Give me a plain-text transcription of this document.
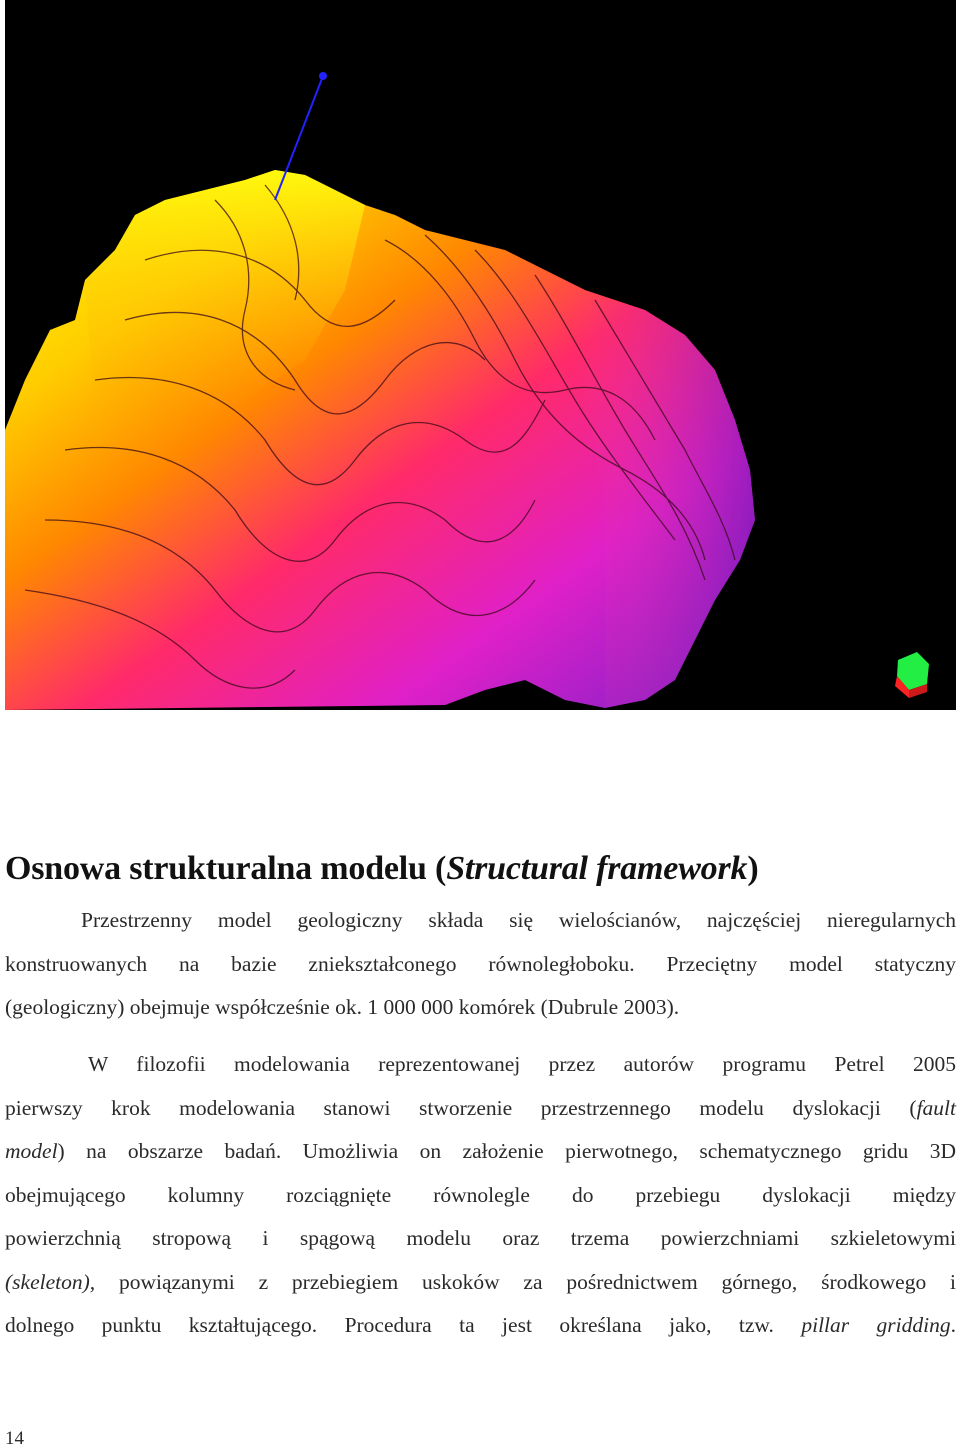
Osnowa strukturalna modelu (Structural framework)
Przestrzenny model geologiczny składa się wielościanów, najczęściej nieregularnych
konstruowanych na bazie zniekształconego równoległoboku. Przeciętny model statyczny
(geologiczny) obejmuje współcześnie ok. 1 000 000 komórek (Dubrule 2003).
W filozofii modelowania reprezentowanej przez autorów programu Petrel 2005
pierwszy krok modelowania stanowi stworzenie przestrzennego modelu dyslokacji (fault
model) na obszarze badań. Umożliwia on założenie pierwotnego, schematycznego gridu 3D
obejmującego kolumny rozciągnięte równolegle do przebiegu dyslokacji między
powierzchnią stropową i spągową modelu oraz trzema powierzchniami szkieletowymi
(skeleton), powiązanymi z przebiegiem uskoków za pośrednictwem górnego, środkowego i
dolnego punktu kształtującego. Procedura ta jest określana jako, tzw. pillar gridding.
14
